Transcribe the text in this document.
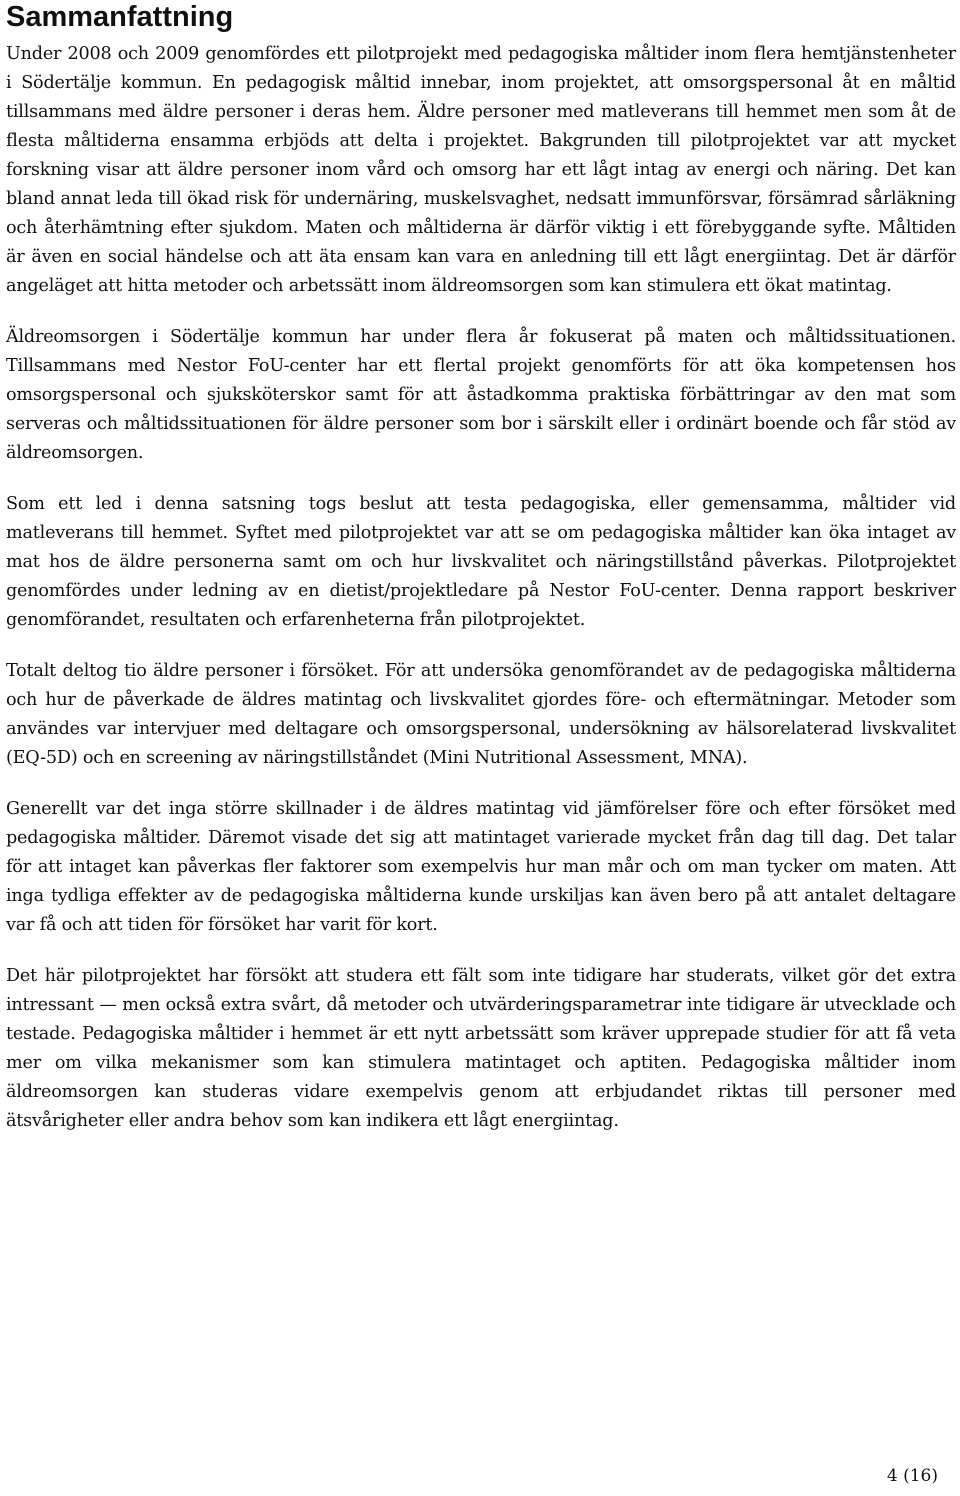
Sammanfattning

Under 2008 och 2009 genomfördes ett pilotprojekt med pedagogiska måltider inom flera hemtjänstenheter i Södertälje kommun. En pedagogisk måltid innebar, inom projektet, att omsorgspersonal åt en måltid tillsammans med äldre personer i deras hem. Äldre personer med matleverans till hemmet men som åt de flesta måltiderna ensamma erbjöds att delta i projektet. Bakgrunden till pilotprojektet var att mycket forskning visar att äldre personer inom vård och omsorg har ett lågt intag av energi och näring. Det kan bland annat leda till ökad risk för undernäring, muskelsvaghet, nedsatt immunförsvar, försämrad sårläkning och återhämtning efter sjukdom. Maten och måltiderna är därför viktig i ett förebyggande syfte. Måltiden är även en social händelse och att äta ensam kan vara en anledning till ett lågt energiintag. Det är därför angeläget att hitta metoder och arbetssätt inom äldreomsorgen som kan stimulera ett ökat matintag.

Äldreomsorgen i Södertälje kommun har under flera år fokuserat på maten och måltidssituationen. Tillsammans med Nestor FoU-center har ett flertal projekt genomförts för att öka kompetensen hos omsorgspersonal och sjuksköterskor samt för att åstadkomma praktiska förbättringar av den mat som serveras och måltidssituationen för äldre personer som bor i särskilt eller i ordinärt boende och får stöd av äldreomsorgen.

Som ett led i denna satsning togs beslut att testa pedagogiska, eller gemensamma, måltider vid matleverans till hemmet. Syftet med pilotprojektet var att se om pedagogiska måltider kan öka intaget av mat hos de äldre personerna samt om och hur livskvalitet och näringstillstånd påverkas. Pilotprojektet genomfördes under ledning av en dietist/projektledare på Nestor FoU-center. Denna rapport beskriver genomförandet, resultaten och erfarenheterna från pilotprojektet.

Totalt deltog tio äldre personer i försöket. För att undersöka genomförandet av de pedagogiska måltiderna och hur de påverkade de äldres matintag och livskvalitet gjordes före- och eftermätningar. Metoder som användes var intervjuer med deltagare och omsorgspersonal, undersökning av hälsorelaterad livskvalitet (EQ-5D) och en screening av näringstillståndet (Mini Nutritional Assessment, MNA).

Generellt var det inga större skillnader i de äldres matintag vid jämförelser före och efter försöket med pedagogiska måltider. Däremot visade det sig att matintaget varierade mycket från dag till dag. Det talar för att intaget kan påverkas fler faktorer som exempelvis hur man mår och om man tycker om maten. Att inga tydliga effekter av de pedagogiska måltiderna kunde urskiljas kan även bero på att antalet deltagare var få och att tiden för försöket har varit för kort.

Det här pilotprojektet har försökt att studera ett fält som inte tidigare har studerats, vilket gör det extra intressant — men också extra svårt, då metoder och utvärderingsparametrar inte tidigare är utvecklade och testade. Pedagogiska måltider i hemmet är ett nytt arbetssätt som kräver upprepade studier för att få veta mer om vilka mekanismer som kan stimulera matintaget och aptiten. Pedagogiska måltider inom äldreomsorgen kan studeras vidare exempelvis genom att erbjudandet riktas till personer med ätsvårigheter eller andra behov som kan indikera ett lågt energiintag.

4 (16)
